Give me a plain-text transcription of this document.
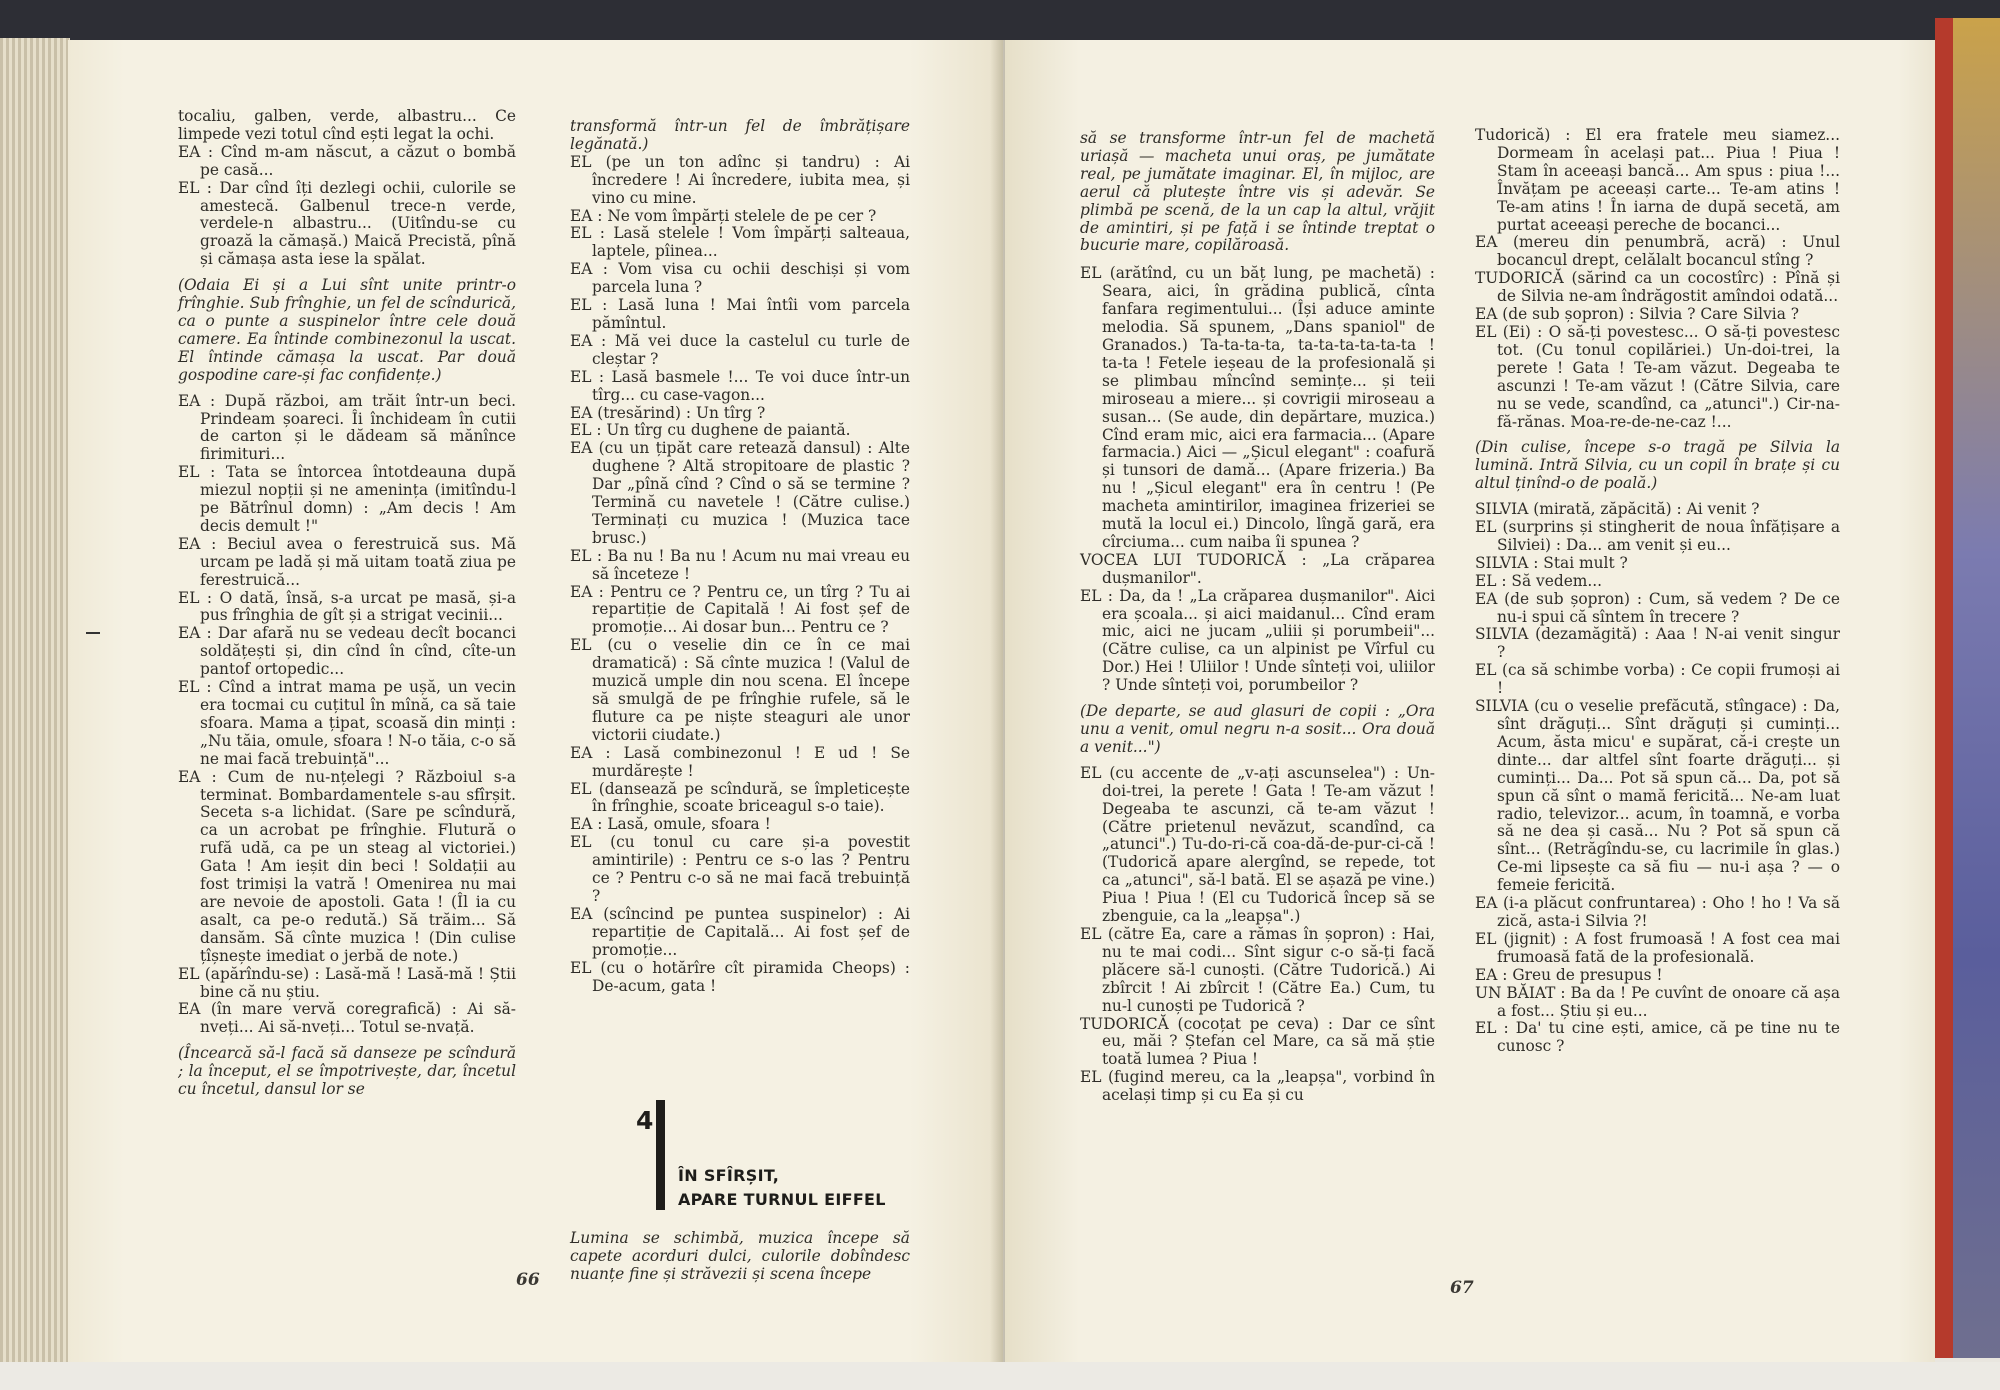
tocaliu, galben, verde, albastru... Ce limpede vezi totul cînd ești legat la ochi.

EA : Cînd m-am născut, a căzut o bombă pe casă...

EL : Dar cînd îți dezlegi ochii, culorile se amestecă. Galbenul trece-n verde, verdele-n albastru... (Uitîndu-se cu groază la cămașă.) Maică Precistă, pînă și cămașa asta iese la spălat.

(Odaia Ei și a Lui sînt unite printr-o frînghie. Sub frînghie, un fel de scîndurică, ca o punte a suspinelor între cele două camere. Ea întinde combinezonul la uscat. El întinde cămașa la uscat. Par două gospodine care-și fac confidențe.)

EA : După război, am trăit într-un beci. Prindeam șoareci. Îi închideam în cutii de carton și le dădeam să mănînce firimituri...

EL : Tata se întorcea întotdeauna după miezul nopții și ne amenința (imitîndu-l pe Bătrînul domn) : „Am decis ! Am decis demult !"

EA : Beciul avea o ferestruică sus. Mă urcam pe ladă și mă uitam toată ziua pe ferestruică...

EL : O dată, însă, s-a urcat pe masă, și-a pus frînghia de gît și a strigat vecinii...

EA : Dar afară nu se vedeau decît bocanci soldățești și, din cînd în cînd, cîte-un pantof ortopedic...

EL : Cînd a intrat mama pe ușă, un vecin era tocmai cu cuțitul în mînă, ca să taie sfoara. Mama a țipat, scoasă din minți : „Nu tăia, omule, sfoara ! N-o tăia, c-o să ne mai facă trebuință"...

EA : Cum de nu-nțelegi ? Războiul s-a terminat. Bombardamentele s-au sfîrșit. Seceta s-a lichidat. (Sare pe scîndură, ca un acrobat pe frînghie. Flutură o rufă udă, ca pe un steag al victoriei.) Gata ! Am ieșit din beci ! Soldații au fost trimiși la vatră ! Omenirea nu mai are nevoie de apostoli. Gata ! (Îl ia cu asalt, ca pe-o redută.) Să trăim... Să dansăm. Să cînte muzica ! (Din culise țîșnește imediat o jerbă de note.)

EL (apărîndu-se) : Lasă-mă ! Lasă-mă ! Știi bine că nu știu.

EA (în mare vervă coregrafică) : Ai să-nveți... Ai să-nveți... Totul se-nvață.

(Încearcă să-l facă să danseze pe scîndură ; la început, el se împotrivește, dar, încetul cu încetul, dansul lor se

transformă într-un fel de îmbrățișare legănată.)

EL (pe un ton adînc și tandru) : Ai încredere ! Ai încredere, iubita mea, și vino cu mine.

EA : Ne vom împărți stelele de pe cer ?

EL : Lasă stelele ! Vom împărți salteaua, laptele, pîinea...

EA : Vom visa cu ochii deschiși și vom parcela luna ?

EL : Lasă luna ! Mai întîi vom parcela pămîntul.

EA : Mă vei duce la castelul cu turle de cleștar ?

EL : Lasă basmele !... Te voi duce într-un tîrg... cu case-vagon...

EA (tresărind) : Un tîrg ?

EL : Un tîrg cu dughene de paiantă.

EA (cu un țipăt care retează dansul) : Alte dughene ? Altă stropitoare de plastic ? Dar „pînă cînd ? Cînd o să se termine ? Termină cu navetele ! (Către culise.) Terminați cu muzica ! (Muzica tace brusc.)

EL : Ba nu ! Ba nu ! Acum nu mai vreau eu să înceteze !

EA : Pentru ce ? Pentru ce, un tîrg ? Tu ai repartiție de Capitală ! Ai fost șef de promoție... Ai dosar bun... Pentru ce ?

EL (cu o veselie din ce în ce mai dramatică) : Să cînte muzica ! (Valul de muzică umple din nou scena. El începe să smulgă de pe frînghie rufele, să le fluture ca pe niște steaguri ale unor victorii ciudate.)

EA : Lasă combinezonul ! E ud ! Se murdărește !

EL (dansează pe scîndură, se împleticește în frînghie, scoate briceagul s-o taie).

EA : Lasă, omule, sfoara !

EL (cu tonul cu care și-a povestit amintirile) : Pentru ce s-o las ? Pentru ce ? Pentru c-o să ne mai facă trebuință ?

EA (scîncind pe puntea suspinelor) : Ai repartiție de Capitală... Ai fost șef de promoție...

EL (cu o hotărîre cît piramida Cheops) : De-acum, gata !

4
ÎN SFÎRȘIT,
APARE TURNUL EIFFEL

Lumina se schimbă, muzica începe să capete acorduri dulci, culorile dobîndesc nuanțe fine și străvezii și scena începe

66

să se transforme într-un fel de machetă uriașă — macheta unui oraș, pe jumătate real, pe jumătate imaginar. El, în mijloc, are aerul că plutește între vis și adevăr. Se plimbă pe scenă, de la un cap la altul, vrăjit de amintiri, și pe față i se întinde treptat o bucurie mare, copilăroasă.

EL (arătînd, cu un băț lung, pe machetă) : Seara, aici, în grădina publică, cînta fanfara regimentului... (Își aduce aminte melodia. Să spunem, „Dans spaniol" de Granados.) Ta-ta-ta-ta, ta-ta-ta-ta-ta-ta ! ta-ta ! Fetele ieșeau de la profesională și se plimbau mîncînd semințe... și teii miroseau a miere... și covrigii miroseau a susan... (Se aude, din depărtare, muzica.) Cînd eram mic, aici era farmacia... (Apare farmacia.) Aici — „Șicul elegant" : coafură și tunsori de damă... (Apare frizeria.) Ba nu ! „Șicul elegant" era în centru ! (Pe macheta amintirilor, imaginea frizeriei se mută la locul ei.) Dincolo, lîngă gară, era cîrciuma... cum naiba îi spunea ?

VOCEA LUI TUDORICĂ : „La crăparea dușmanilor".

EL : Da, da ! „La crăparea dușmanilor". Aici era școala... și aici maidanul... Cînd eram mic, aici ne jucam „uliii și porumbeii"... (Către culise, ca un alpinist pe Vîrful cu Dor.) Hei ! Uliilor ! Unde sînteți voi, uliilor ? Unde sînteți voi, porumbeilor ?

(De departe, se aud glasuri de copii : „Ora unu a venit, omul negru n-a sosit... Ora două a venit...")

EL (cu accente de „v-ați ascunselea") : Un-doi-trei, la perete ! Gata ! Te-am văzut ! Degeaba te ascunzi, că te-am văzut ! (Către prietenul nevăzut, scandînd, ca „atunci".) Tu-do-ri-că coa-dă-de-pur-ci-că ! (Tudorică apare alergînd, se repede, tot ca „atunci", să-l bată. El se așază pe vine.) Piua ! Piua ! (El cu Tudorică încep să se zbenguie, ca la „leapșa".)

EL (către Ea, care a rămas în șopron) : Hai, nu te mai codi... Sînt sigur c-o să-ți facă plăcere să-l cunoști. (Către Tudorică.) Ai zbîrcit ! Ai zbîrcit ! (Către Ea.) Cum, tu nu-l cunoști pe Tudorică ?

TUDORICĂ (cocoțat pe ceva) : Dar ce sînt eu, măi ? Ștefan cel Mare, ca să mă știe toată lumea ? Piua !

EL (fugind mereu, ca la „leapșa", vorbind în același timp și cu Ea și cu

Tudorică) : El era fratele meu siamez... Dormeam în același pat... Piua ! Piua ! Stam în aceeași bancă... Am spus : piua !... Învățam pe aceeași carte... Te-am atins ! Te-am atins ! În iarna de după secetă, am purtat aceeași pereche de bocanci...

EA (mereu din penumbră, acră) : Unul bocancul drept, celălalt bocancul stîng ?

TUDORICĂ (sărind ca un cocostîrc) : Pînă și de Silvia ne-am îndrăgostit amîndoi odată...

EA (de sub șopron) : Silvia ? Care Silvia ?

EL (Ei) : O să-ți povestesc... O să-ți povestesc tot. (Cu tonul copilăriei.) Un-doi-trei, la perete ! Gata ! Te-am văzut. Degeaba te ascunzi ! Te-am văzut ! (Către Silvia, care nu se vede, scandînd, ca „atunci".) Cir-na-fă-rănas. Moa-re-de-ne-caz !...

(Din culise, începe s-o tragă pe Silvia la lumină. Intră Silvia, cu un copil în brațe și cu altul ținînd-o de poală.)

SILVIA (mirată, zăpăcită) : Ai venit ?

EL (surprins și stingherit de noua înfățișare a Silviei) : Da... am venit și eu...

SILVIA : Stai mult ?

EL : Să vedem...

EA (de sub șopron) : Cum, să vedem ? De ce nu-i spui că sîntem în trecere ?

SILVIA (dezamăgită) : Aaa ! N-ai venit singur ?

EL (ca să schimbe vorba) : Ce copii frumoși ai !

SILVIA (cu o veselie prefăcută, stîngace) : Da, sînt drăguți... Sînt drăguți și cuminți... Acum, ăsta micu' e supărat, că-i crește un dinte... dar altfel sînt foarte drăguți... și cuminți... Da... Pot să spun că... Da, pot să spun că sînt o mamă fericită... Ne-am luat radio, televizor... acum, în toamnă, e vorba să ne dea și casă... Nu ? Pot să spun că sînt... (Retrăgîndu-se, cu lacrimile în glas.) Ce-mi lipsește ca să fiu — nu-i așa ? — o femeie fericită.

EA (i-a plăcut confruntarea) : Oho ! ho ! Va să zică, asta-i Silvia ?!

EL (jignit) : A fost frumoasă ! A fost cea mai frumoasă fată de la profesională.

EA : Greu de presupus !

UN BĂIAT : Ba da ! Pe cuvînt de onoare că așa a fost... Știu și eu...

EL : Da' tu cine ești, amice, că pe tine nu te cunosc ?

67
